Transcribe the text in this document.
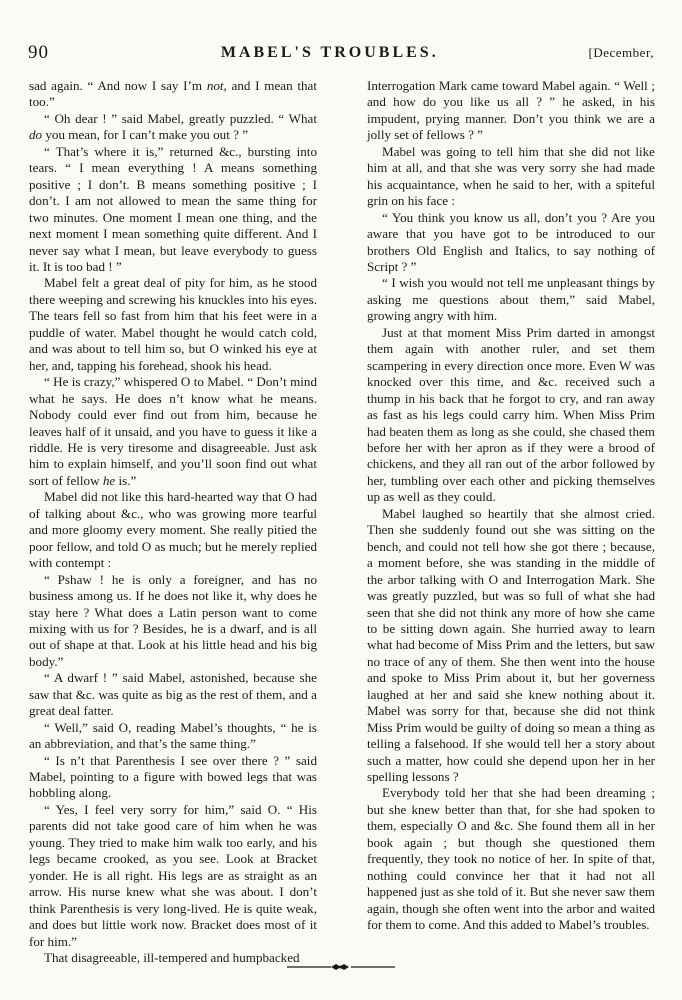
90	MABEL'S TROUBLES.	[December,

sad again. “ And now I say I’m not, and I mean that too.”

“ Oh dear ! ” said Mabel, greatly puzzled. “ What do you mean, for I can’t make you out ? ”

“ That’s where it is,” returned &c., bursting into tears. “ I mean everything ! A means something positive ; I don’t. B means something positive ; I don’t. I am not allowed to mean the same thing for two minutes. One moment I mean one thing, and the next moment I mean something quite different. And I never say what I mean, but leave everybody to guess it. It is too bad ! ”

Mabel felt a great deal of pity for him, as he stood there weeping and screwing his knuckles into his eyes. The tears fell so fast from him that his feet were in a puddle of water. Mabel thought he would catch cold, and was about to tell him so, but O winked his eye at her, and, tapping his forehead, shook his head.

“ He is crazy,” whispered O to Mabel. “ Don’t mind what he says. He does n’t know what he means. Nobody could ever find out from him, because he leaves half of it unsaid, and you have to guess it like a riddle. He is very tiresome and disagreeable. Just ask him to explain himself, and you’ll soon find out what sort of fellow he is.”

Mabel did not like this hard-hearted way that O had of talking about &c., who was growing more tearful and more gloomy every moment. She really pitied the poor fellow, and told O as much; but he merely replied with contempt :

“ Pshaw ! he is only a foreigner, and has no business among us. If he does not like it, why does he stay here ? What does a Latin person want to come mixing with us for ? Besides, he is a dwarf, and is all out of shape at that. Look at his little head and his big body.”

“ A dwarf ! ” said Mabel, astonished, because she saw that &c. was quite as big as the rest of them, and a great deal fatter.

“ Well,” said O, reading Mabel’s thoughts, “ he is an abbreviation, and that’s the same thing.”

“ Is n’t that Parenthesis I see over there ? ” said Mabel, pointing to a figure with bowed legs that was hobbling along.

“ Yes, I feel very sorry for him,” said O. “ His parents did not take good care of him when he was young. They tried to make him walk too early, and his legs became crooked, as you see. Look at Bracket yonder. He is all right. His legs are as straight as an arrow. His nurse knew what she was about. I don’t think Parenthesis is very long-lived. He is quite weak, and does but little work now. Bracket does most of it for him.”

That disagreeable, ill-tempered and humpbacked

Interrogation Mark came toward Mabel again. “ Well ; and how do you like us all ? ” he asked, in his impudent, prying manner. Don’t you think we are a jolly set of fellows ? ”

Mabel was going to tell him that she did not like him at all, and that she was very sorry she had made his acquaintance, when he said to her, with a spiteful grin on his face :

“ You think you know us all, don’t you ? Are you aware that you have got to be introduced to our brothers Old English and Italics, to say nothing of Script ? ”

“ I wish you would not tell me unpleasant things by asking me questions about them,” said Mabel, growing angry with him.

Just at that moment Miss Prim darted in amongst them again with another ruler, and set them scampering in every direction once more. Even W was knocked over this time, and &c. received such a thump in his back that he forgot to cry, and ran away as fast as his legs could carry him. When Miss Prim had beaten them as long as she could, she chased them before her with her apron as if they were a brood of chickens, and they all ran out of the arbor followed by her, tumbling over each other and picking themselves up as well as they could.

Mabel laughed so heartily that she almost cried. Then she suddenly found out she was sitting on the bench, and could not tell how she got there ; because, a moment before, she was standing in the middle of the arbor talking with O and Interrogation Mark. She was greatly puzzled, but was so full of what she had seen that she did not think any more of how she came to be sitting down again. She hurried away to learn what had become of Miss Prim and the letters, but saw no trace of any of them. She then went into the house and spoke to Miss Prim about it, but her governess laughed at her and said she knew nothing about it. Mabel was sorry for that, because she did not think Miss Prim would be guilty of doing so mean a thing as telling a falsehood. If she would tell her a story about such a matter, how could she depend upon her in her spelling lessons ?

Everybody told her that she had been dreaming ; but she knew better than that, for she had spoken to them, especially O and &c. She found them all in her book again ; but though she questioned them frequently, they took no notice of her. In spite of that, nothing could convince her that it had not all happened just as she told of it. But she never saw them again, though she often went into the arbor and waited for them to come. And this added to Mabel’s troubles.
